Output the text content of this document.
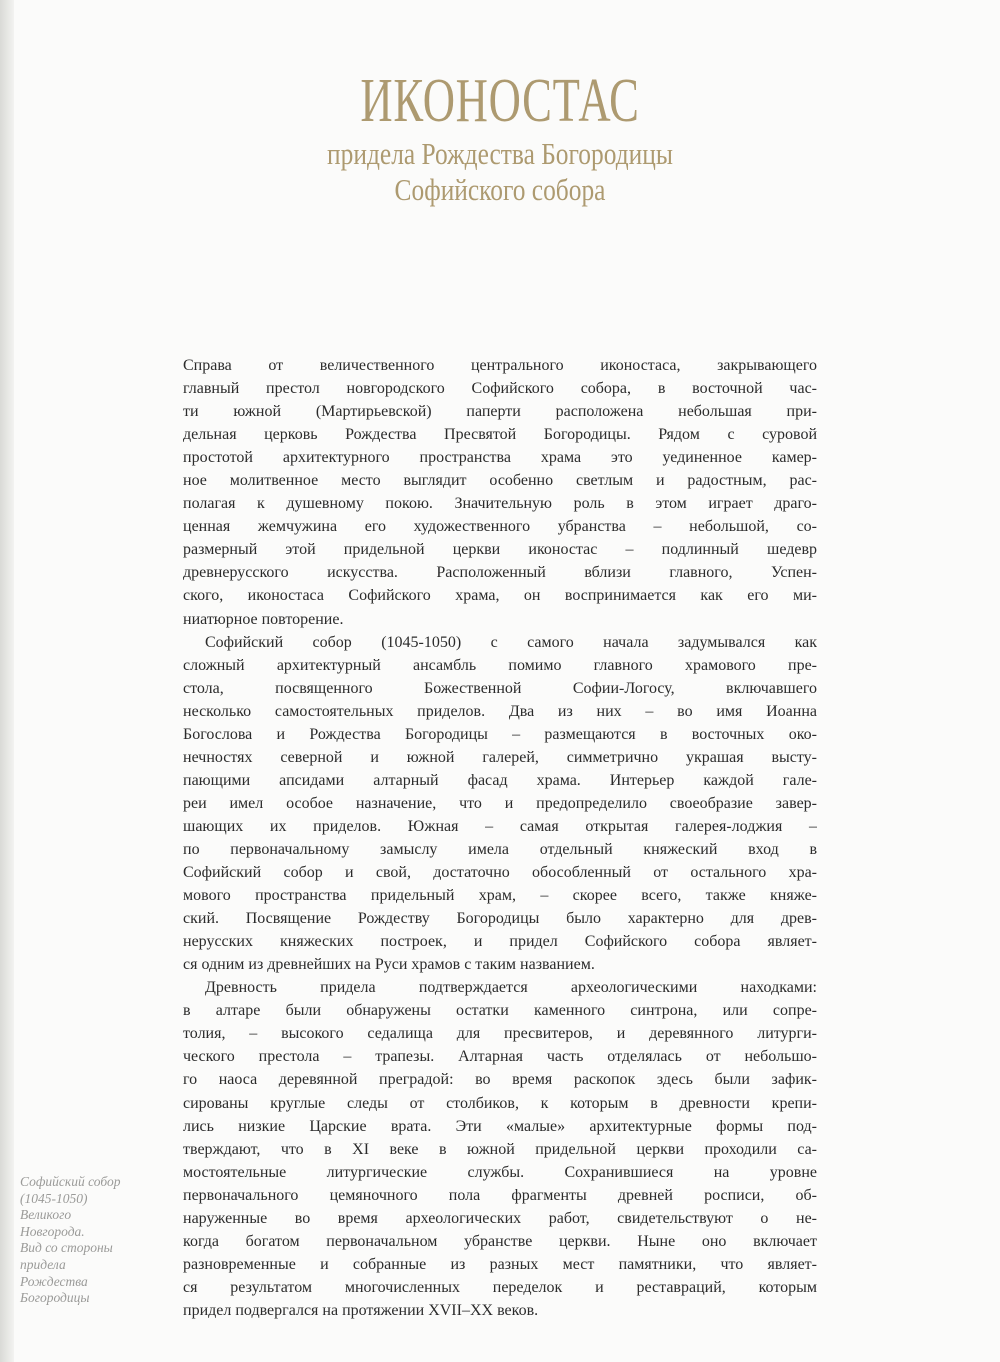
ИКОНОСТАС
придела Рождества Богородицы
Софийского собора
Справа от величественного центрального иконостаса, закрывающего
главный престол новгородского Софийского собора, в восточной час-
ти южной (Мартирьевской) паперти расположена небольшая при-
дельная церковь Рождества Пресвятой Богородицы. Рядом с суровой
простотой архитектурного пространства храма это уединенное камер-
ное молитвенное место выглядит особенно светлым и радостным, рас-
полагая к душевному покою. Значительную роль в этом играет драго-
ценная жемчужина его художественного убранства – небольшой, со-
размерный этой придельной церкви иконостас – подлинный шедевр
древнерусского искусства. Расположенный вблизи главного, Успен-
ского, иконостаса Софийского храма, он воспринимается как его ми-
ниатюрное повторение.
Софийский собор (1045-1050) с самого начала задумывался как
сложный архитектурный ансамбль помимо главного храмового пре-
стола, посвященного Божественной Софии-Логосу, включавшего
несколько самостоятельных приделов. Два из них – во имя Иоанна
Богослова и Рождества Богородицы – размещаются в восточных око-
нечностях северной и южной галерей, симметрично украшая высту-
пающими апсидами алтарный фасад храма. Интерьер каждой гале-
реи имел особое назначение, что и предопределило своеобразие завер-
шающих их приделов. Южная – самая открытая галерея-лоджия –
по первоначальному замыслу имела отдельный княжеский вход в
Софийский собор и свой, достаточно обособленный от остального хра-
мового пространства придельный храм, – скорее всего, также княже-
ский. Посвящение Рождеству Богородицы было характерно для древ-
нерусских княжеских построек, и придел Софийского собора являет-
ся одним из древнейших на Руси храмов с таким названием.
Древность придела подтверждается археологическими находками:
в алтаре были обнаружены остатки каменного синтрона, или сопре-
толия, – высокого седалища для пресвитеров, и деревянного литурги-
ческого престола – трапезы. Алтарная часть отделялась от небольшо-
го наоса деревянной преградой: во время раскопок здесь были зафик-
сированы круглые следы от столбиков, к которым в древности крепи-
лись низкие Царские врата. Эти «малые» архитектурные формы под-
тверждают, что в XI веке в южной придельной церкви проходили са-
мостоятельные литургические службы. Сохранившиеся на уровне
первоначального цемяночного пола фрагменты древней росписи, об-
наруженные во время археологических работ, свидетельствуют о не-
когда богатом первоначальном убранстве церкви. Ныне оно включает
разновременные и собранные из разных мест памятники, что являет-
ся результатом многочисленных переделок и реставраций, которым
придел подвергался на протяжении XVII–XX веков.
Софийский собор
(1045-1050)
Великого
Новгорода.
Вид со стороны
придела
Рождества
Богородицы
